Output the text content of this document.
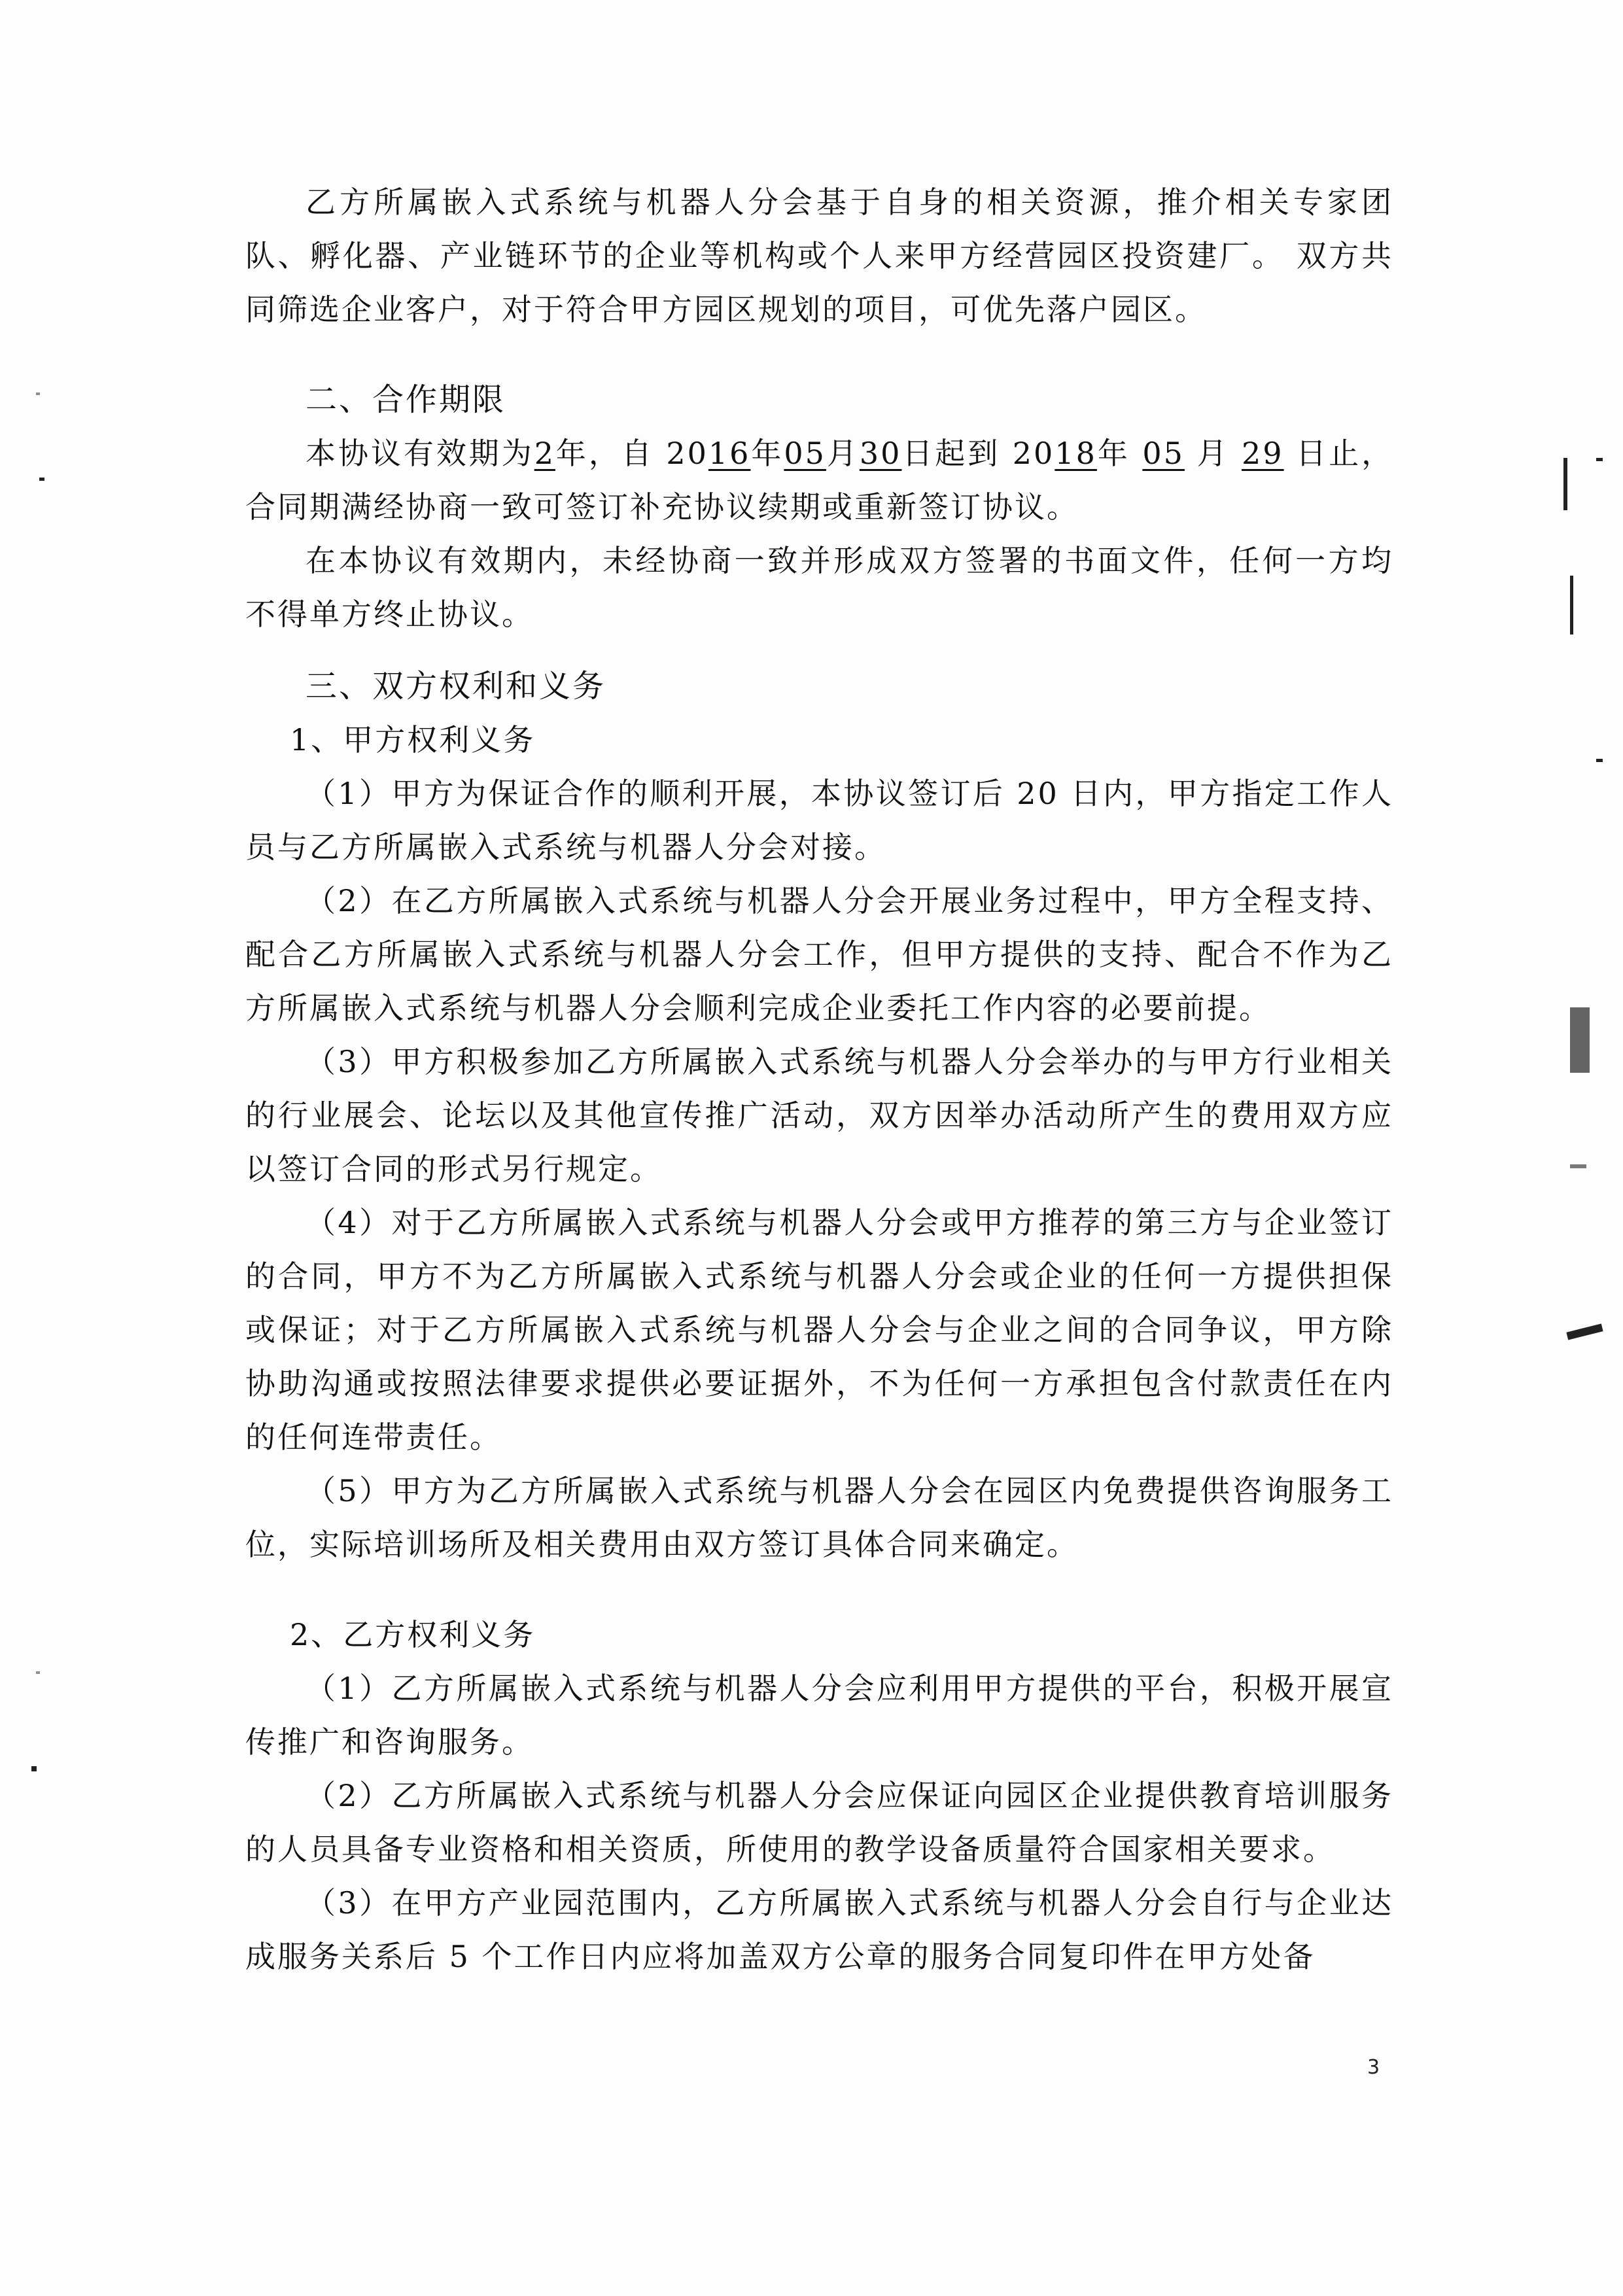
乙方所属嵌入式系统与机器人分会基于自身的相关资源，推介相关专家团队、孵化器、产业链环节的企业等机构或个人来甲方经营园区投资建厂。 双方共同筛选企业客户，对于符合甲方园区规划的项目，可优先落户园区。

二、合作期限

本协议有效期为2年，自 2016年05月30日起到 2018年 05 月 29 日止，合同期满经协商一致可签订补充协议续期或重新签订协议。

在本协议有效期内，未经协商一致并形成双方签署的书面文件，任何一方均不得单方终止协议。

三、双方权利和义务

1、甲方权利义务

（1）甲方为保证合作的顺利开展，本协议签订后 20 日内，甲方指定工作人员与乙方所属嵌入式系统与机器人分会对接。

（2）在乙方所属嵌入式系统与机器人分会开展业务过程中，甲方全程支持、配合乙方所属嵌入式系统与机器人分会工作，但甲方提供的支持、配合不作为乙方所属嵌入式系统与机器人分会顺利完成企业委托工作内容的必要前提。

（3）甲方积极参加乙方所属嵌入式系统与机器人分会举办的与甲方行业相关的行业展会、论坛以及其他宣传推广活动，双方因举办活动所产生的费用双方应以签订合同的形式另行规定。

（4）对于乙方所属嵌入式系统与机器人分会或甲方推荐的第三方与企业签订的合同，甲方不为乙方所属嵌入式系统与机器人分会或企业的任何一方提供担保或保证；对于乙方所属嵌入式系统与机器人分会与企业之间的合同争议，甲方除协助沟通或按照法律要求提供必要证据外，不为任何一方承担包含付款责任在内的任何连带责任。

（5）甲方为乙方所属嵌入式系统与机器人分会在园区内免费提供咨询服务工位，实际培训场所及相关费用由双方签订具体合同来确定。

2、乙方权利义务

（1）乙方所属嵌入式系统与机器人分会应利用甲方提供的平台，积极开展宣传推广和咨询服务。

（2）乙方所属嵌入式系统与机器人分会应保证向园区企业提供教育培训服务的人员具备专业资格和相关资质，所使用的教学设备质量符合国家相关要求。

（3）在甲方产业园范围内，乙方所属嵌入式系统与机器人分会自行与企业达成服务关系后 5 个工作日内应将加盖双方公章的服务合同复印件在甲方处备

3
